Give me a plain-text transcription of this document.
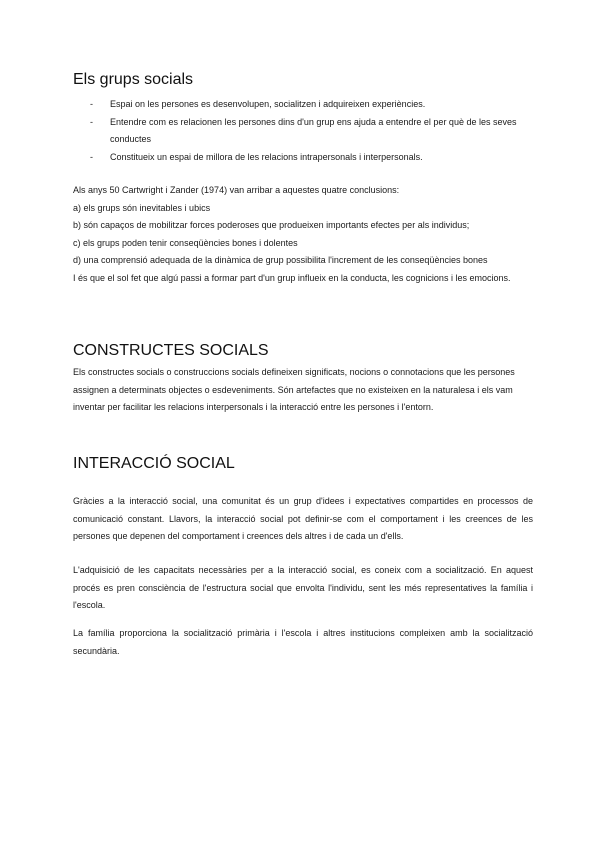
Els grups socials
- Espai on les persones es desenvolupen, socialitzen i adquireixen experiències.
- Entendre com es relacionen les persones dins d'un grup ens ajuda a entendre el per què de les seves conductes
- Constitueix un espai de millora de les relacions intrapersonals i interpersonals.
Als anys 50 Cartwright i Zander (1974) van arribar a aquestes quatre conclusions:
a) els grups són inevitables i ubics
b) són capaços de mobilitzar forces poderoses que produeixen importants efectes per als individus;
c) els grups poden tenir conseqüències bones i dolentes
d) una comprensió adequada de la dinàmica de grup possibilita l'increment de les conseqüències bones
I és que el sol fet que algú passi a formar part d'un grup influeix en la conducta, les cognicions i les emocions.
CONSTRUCTES SOCIALS

Els constructes socials o construccions socials defineixen significats, nocions o connotacions que les persones assignen a determinats objectes o esdeveniments. Són artefactes que no existeixen en la naturalesa i els vam inventar per facilitar les relacions interpersonals i la interacció entre les persones i l'entorn.

INTERACCIÓ SOCIAL

Gràcies a la interacció social, una comunitat és un grup d'idees i expectatives compartides en processos de comunicació constant. Llavors, la interacció social pot definir-se com el comportament i les creences de les persones que depenen del comportament i creences dels altres i de cada un d'ells.

L'adquisició de les capacitats necessàries per a la interacció social, es coneix com a socialització. En aquest procés es pren consciència de l'estructura social que envolta l'individu, sent les més representatives la família i l'escola.

La família proporciona la socialització primària i l'escola i altres institucions compleixen amb la socialització secundària.
